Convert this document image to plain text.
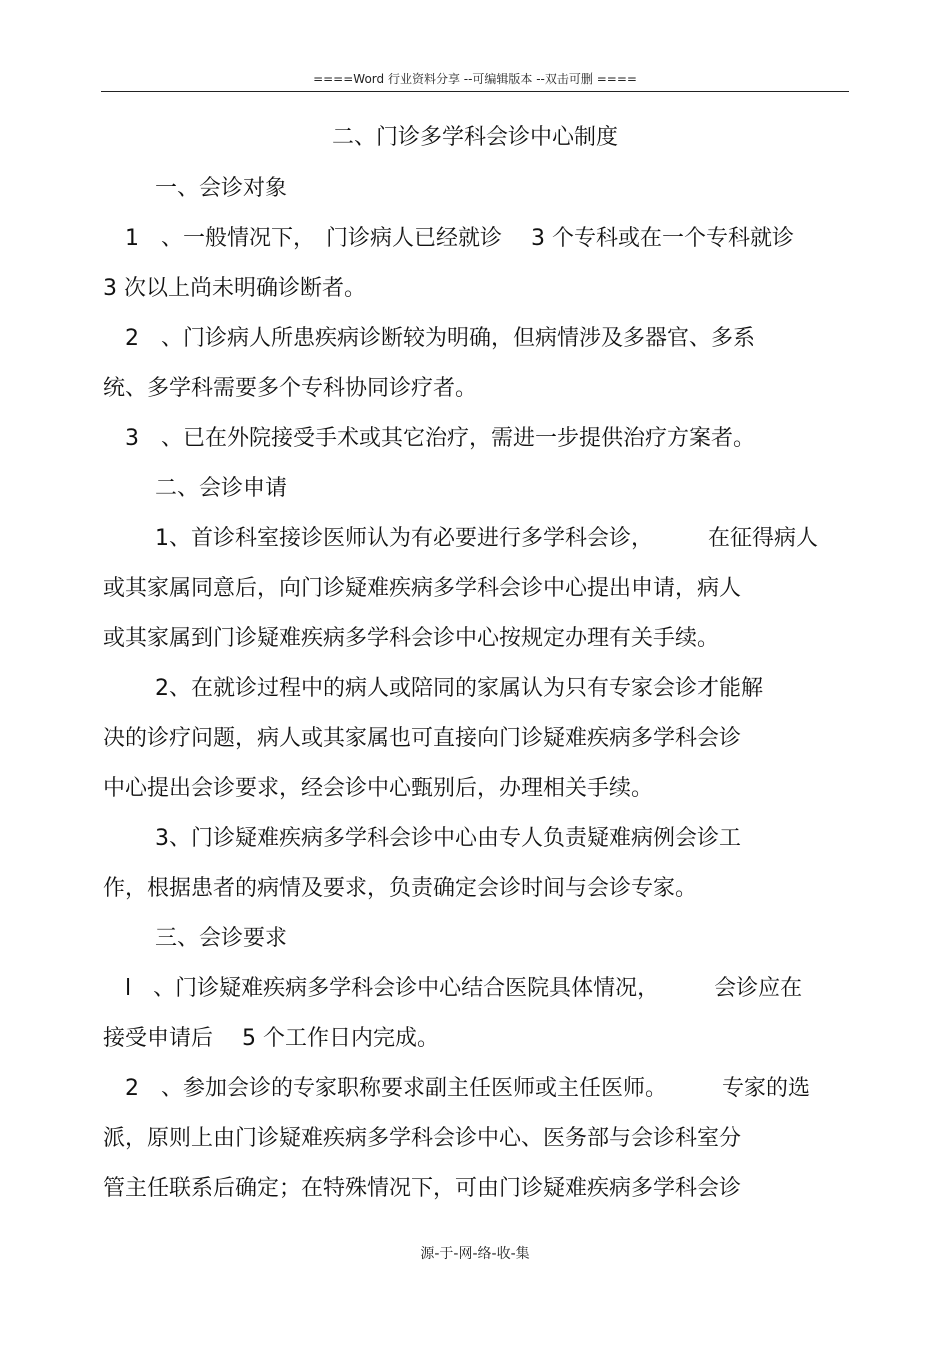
====Word 行业资料分享 --可编辑版本 --双击可删 ====
二、门诊多学科会诊中心制度
一、会诊对象
1　、一般情况下，　门诊病人已经就诊　 3 个专科或在一个专科就诊
3 次以上尚未明确诊断者。
2　、门诊病人所患疾病诊断较为明确，但病情涉及多器官、多系
统、多学科需要多个专科协同诊疗者。
3　、已在外院接受手术或其它治疗，需进一步提供治疗方案者。
二、会诊申请
1、首诊科室接诊医师认为有必要进行多学科会诊，　　　在征得病人
或其家属同意后，向门诊疑难疾病多学科会诊中心提出申请，病人
或其家属到门诊疑难疾病多学科会诊中心按规定办理有关手续。
2、在就诊过程中的病人或陪同的家属认为只有专家会诊才能解
决的诊疗问题，病人或其家属也可直接向门诊疑难疾病多学科会诊
中心提出会诊要求，经会诊中心甄别后，办理相关手续。
3、门诊疑难疾病多学科会诊中心由专人负责疑难病例会诊工
作，根据患者的病情及要求，负责确定会诊时间与会诊专家。
三、会诊要求
l　、门诊疑难疾病多学科会诊中心结合医院具体情况，　　　会诊应在
接受申请后　 5 个工作日内完成。
2　、参加会诊的专家职称要求副主任医师或主任医师。　　　专家的选
派，原则上由门诊疑难疾病多学科会诊中心、医务部与会诊科室分
管主任联系后确定；在特殊情况下，可由门诊疑难疾病多学科会诊
源-于-网-络-收-集
